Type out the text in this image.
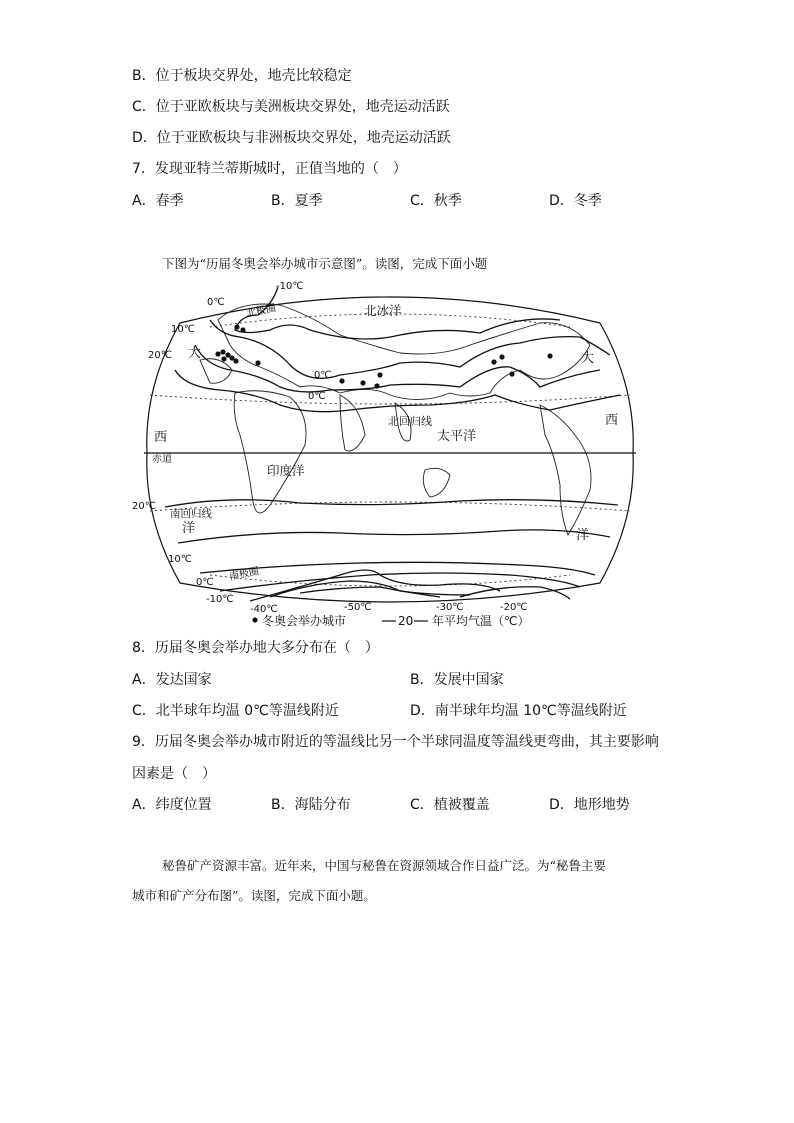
B．位于板块交界处，地壳比较稳定
C．位于亚欧板块与美洲板块交界处，地壳运动活跃
D．位于亚欧板块与非洲板块交界处，地壳运动活跃
7．发现亚特兰蒂斯城时，正值当地的（　）
A．春季	B．夏季	C．秋季	D．冬季
下图为“历届冬奥会举办城市示意图”。读图，完成下面小题
北冰洋
北极圈
大
西
洋
太平洋
大
西
洋
北回归线
赤道
印度洋
南回归线
南极圈
-10℃
0℃
10℃
20℃
0℃
0℃
20℃
10℃
0℃
-10℃
-40℃	-50℃	-30℃	-20℃
冬奥会举办城市	20 年平均气温（℃）
8．历届冬奥会举办地大多分布在（　）
A．发达国家	B．发展中国家
C．北半球年均温 0℃等温线附近	D．南半球年均温 10℃等温线附近
9．历届冬奥会举办城市附近的等温线比另一个半球同温度等温线更弯曲，其主要影响
因素是（　）
A．纬度位置	B．海陆分布	C．植被覆盖	D．地形地势
秘鲁矿产资源丰富。近年来，中国与秘鲁在资源领域合作日益广泛。为“秘鲁主要
城市和矿产分布图”。读图，完成下面小题。
